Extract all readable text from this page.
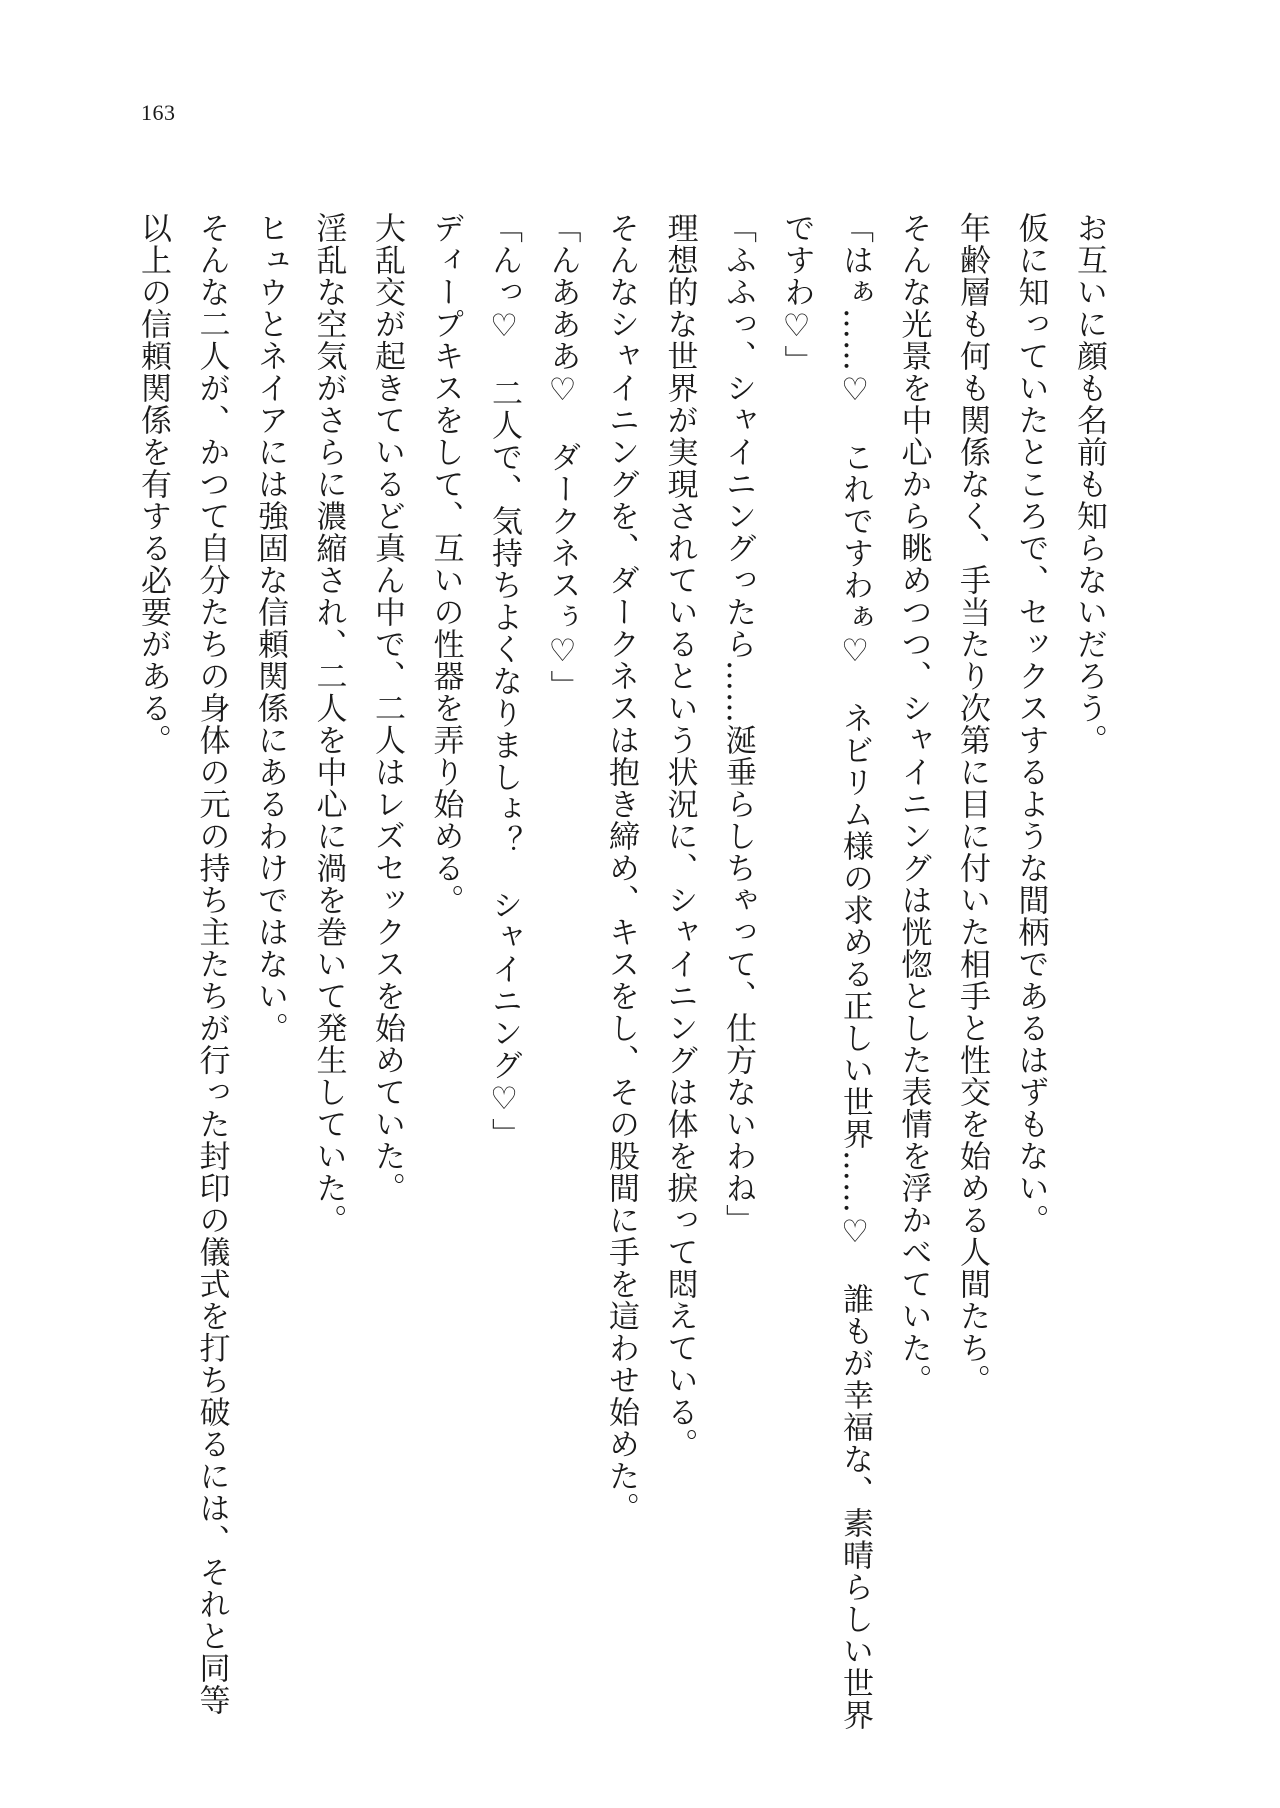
163

お互いに顔も名前も知らないだろう。

仮に知っていたところで、セックスするような間柄であるはずもない。

年齢層も何も関係なく、手当たり次第に目に付いた相手と性交を始める人間たち。

そんな光景を中心から眺めつつ、シャイニングは恍惚とした表情を浮かべていた。

「はぁ……♡　これですわぁ♡　ネビリム様の求める正しい世界……♡　誰もが幸福な、素晴らしい世界ですわ♡」

「ふふっ、シャイニングったら……涎垂らしちゃって、仕方ないわね」

理想的な世界が実現されているという状況に、シャイニングは体を捩って悶えている。

そんなシャイニングを、ダークネスは抱き締め、キスをし、その股間に手を這わせ始めた。

「んあああ♡　ダークネスぅ♡」

「んっ♡　二人で、気持ちよくなりましょ？　シャイニング♡」

ディープキスをして、互いの性器を弄り始める。

大乱交が起きているど真ん中で、二人はレズセックスを始めていた。

淫乱な空気がさらに濃縮され、二人を中心に渦を巻いて発生していた。

ヒュウとネイアには強固な信頼関係にあるわけではない。

そんな二人が、かつて自分たちの身体の元の持ち主たちが行った封印の儀式を打ち破るには、それと同等以上の信頼関係を有する必要がある。
